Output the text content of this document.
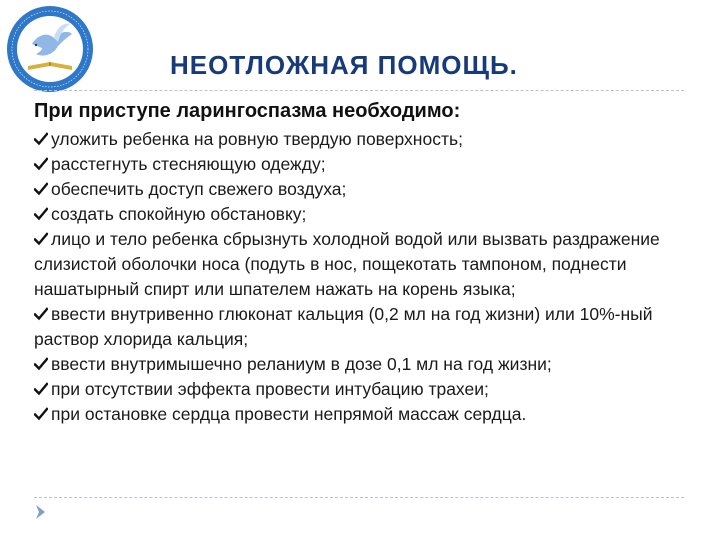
НЕОТЛОЖНАЯ ПОМОЩЬ.
При приступе ларингоспазма необходимо:
уложить ребенка на ровную твердую поверхность;
расстегнуть стесняющую одежду;
обеспечить доступ свежего воздуха;
создать спокойную обстановку;
лицо и тело ребенка сбрызнуть холодной водой или вызвать раздражение слизистой оболочки носа (подуть в нос, пощекотать тампоном, поднести нашатырный спирт или шпателем нажать на корень языка;
ввести внутривенно глюконат кальция (0,2 мл на год жизни) или 10%-ный раствор хлорида кальция;
ввести внутримышечно реланиум в дозе 0,1 мл на год жизни;
при отсутствии эффекта провести интубацию трахеи;
при остановке сердца провести непрямой массаж сердца.
